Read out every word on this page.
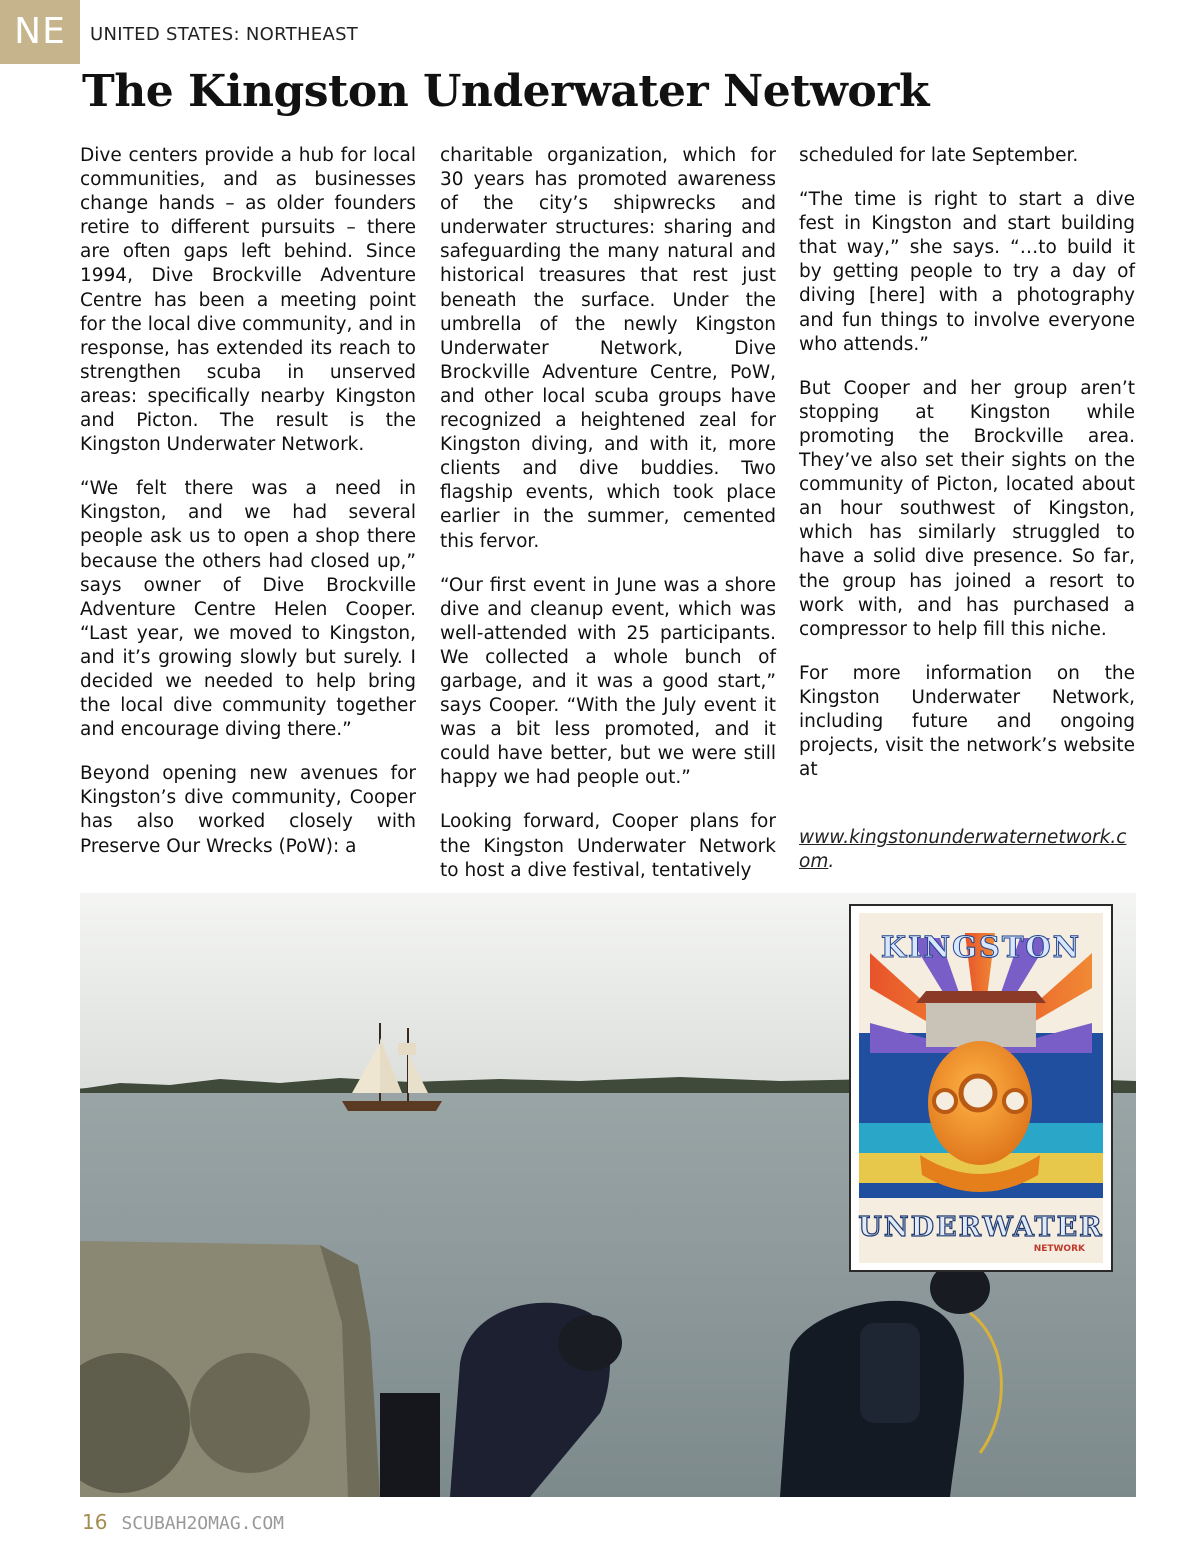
NE	UNITED STATES: NORTHEAST
The Kingston Underwater Network

Dive centers provide a hub for local communities, and as businesses change hands – as older founders retire to different pursuits – there are often gaps left behind. Since 1994, Dive Brockville Adventure Centre has been a meeting point for the local dive community, and in response, has extended its reach to strengthen scuba in unserved areas: specifically nearby Kingston and Picton. The result is the Kingston Underwater Network.

“We felt there was a need in Kingston, and we had several people ask us to open a shop there because the others had closed up,” says owner of Dive Brockville Adventure Centre Helen Cooper. “Last year, we moved to Kingston, and it’s growing slowly but surely. I decided we needed to help bring the local dive community together and encourage diving there.”

Beyond opening new avenues for Kingston’s dive community, Cooper has also worked closely with Preserve Our Wrecks (PoW): a

charitable organization, which for 30 years has promoted awareness of the city’s shipwrecks and underwater structures: sharing and safeguarding the many natural and historical treasures that rest just beneath the surface. Under the umbrella of the newly Kingston Underwater Network, Dive Brockville Adventure Centre, PoW, and other local scuba groups have recognized a heightened zeal for Kingston diving, and with it, more clients and dive buddies. Two flagship events, which took place earlier in the summer, cemented this fervor.

“Our first event in June was a shore dive and cleanup event, which was well-attended with 25 participants. We collected a whole bunch of garbage, and it was a good start,” says Cooper. “With the July event it was a bit less promoted, and it could have better, but we were still happy we had people out.”

Looking forward, Cooper plans for the Kingston Underwater Network to host a dive festival, tentatively

scheduled for late September.

“The time is right to start a dive fest in Kingston and start building that way,” she says. “…to build it by getting people to try a day of diving [here] with a photography and fun things to involve everyone who attends.”

But Cooper and her group aren’t stopping at Kingston while promoting the Brockville area. They’ve also set their sights on the community of Picton, located about an hour southwest of Kingston, which has similarly struggled to have a solid dive presence. So far, the group has joined a resort to work with, and has purchased a compressor to help fill this niche.

For more information on the Kingston Underwater Network, including future and ongoing projects, visit the network’s website at

www.kingstonunderwaternetwork.com.

KINGSTON
UNDERWATER
NETWORK
16 SCUBAH2OMAG.COM
